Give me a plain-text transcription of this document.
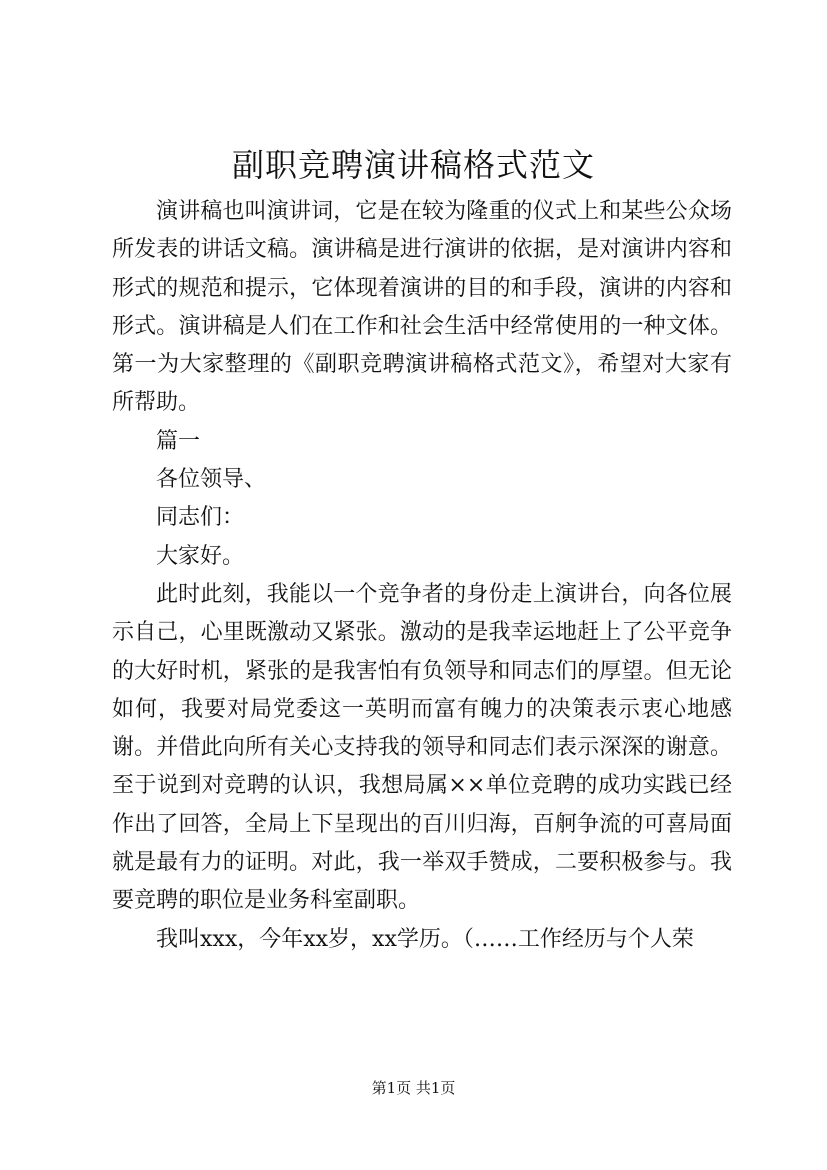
副职竞聘演讲稿格式范文

演讲稿也叫演讲词，它是在较为隆重的仪式上和某些公众场所发表的讲话文稿。演讲稿是进行演讲的依据，是对演讲内容和形式的规范和提示，它体现着演讲的目的和手段，演讲的内容和形式。演讲稿是人们在工作和社会生活中经常使用的一种文体。第一为大家整理的《副职竞聘演讲稿格式范文》，希望对大家有所帮助。

篇一

各位领导、

同志们：

大家好。

此时此刻，我能以一个竞争者的身份走上演讲台，向各位展示自己，心里既激动又紧张。激动的是我幸运地赶上了公平竞争的大好时机，紧张的是我害怕有负领导和同志们的厚望。但无论如何，我要对局党委这一英明而富有魄力的决策表示衷心地感谢。并借此向所有关心支持我的领导和同志们表示深深的谢意。至于说到对竞聘的认识，我想局属××单位竞聘的成功实践已经作出了回答，全局上下呈现出的百川归海，百舸争流的可喜局面就是最有力的证明。对此，我一举双手赞成，二要积极参与。我要竞聘的职位是业务科室副职。

我叫xxx，今年xx岁，xx学历。（……工作经历与个人荣

第1页 共1页
